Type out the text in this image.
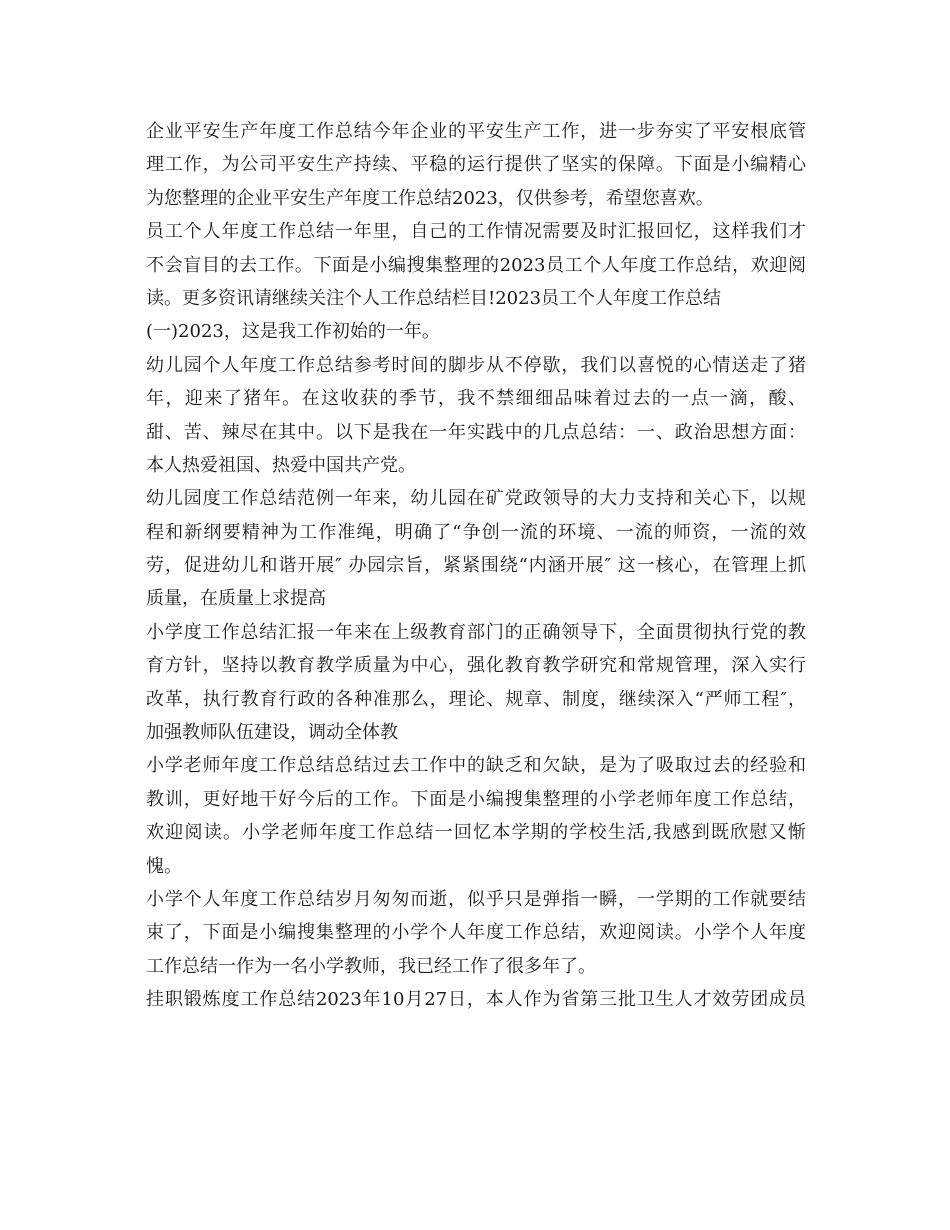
企业平安生产年度工作总结今年企业的平安生产工作，进一步夯实了平安根底管
理工作，为公司平安生产持续、平稳的运行提供了坚实的保障。下面是小编精心
为您整理的企业平安生产年度工作总结2023，仅供参考，希望您喜欢。
员工个人年度工作总结一年里，自己的工作情况需要及时汇报回忆，这样我们才
不会盲目的去工作。下面是小编搜集整理的2023员工个人年度工作总结，欢迎阅
读。更多资讯请继续关注个人工作总结栏目!2023员工个人年度工作总结
(一)2023，这是我工作初始的一年。
幼儿园个人年度工作总结参考时间的脚步从不停歇，我们以喜悦的心情送走了猪
年，迎来了猪年。在这收获的季节，我不禁细细品味着过去的一点一滴，酸、
甜、苦、辣尽在其中。以下是我在一年实践中的几点总结：一、政治思想方面：
本人热爱祖国、热爱中国共产党。
幼儿园度工作总结范例一年来，幼儿园在矿党政领导的大力支持和关心下，以规
程和新纲要精神为工作准绳，明确了“争创一流的环境、一流的师资，一流的效
劳，促进幼儿和谐开展″ 办园宗旨，紧紧围绕“内涵开展″ 这一核心，在管理上抓
质量，在质量上求提高
小学度工作总结汇报一年来在上级教育部门的正确领导下，全面贯彻执行党的教
育方针，坚持以教育教学质量为中心，强化教育教学研究和常规管理，深入实行
改革，执行教育行政的各种准那么，理论、规章、制度，继续深入“严师工程″，
加强教师队伍建设，调动全体教
小学老师年度工作总结总结过去工作中的缺乏和欠缺，是为了吸取过去的经验和
教训，更好地干好今后的工作。下面是小编搜集整理的小学老师年度工作总结，
欢迎阅读。小学老师年度工作总结一回忆本学期的学校生活,我感到既欣慰又惭
愧。
小学个人年度工作总结岁月匆匆而逝，似乎只是弹指一瞬，一学期的工作就要结
束了，下面是小编搜集整理的小学个人年度工作总结，欢迎阅读。小学个人年度
工作总结一作为一名小学教师，我已经工作了很多年了。
挂职锻炼度工作总结2023年10月27日，本人作为省第三批卫生人才效劳团成员
